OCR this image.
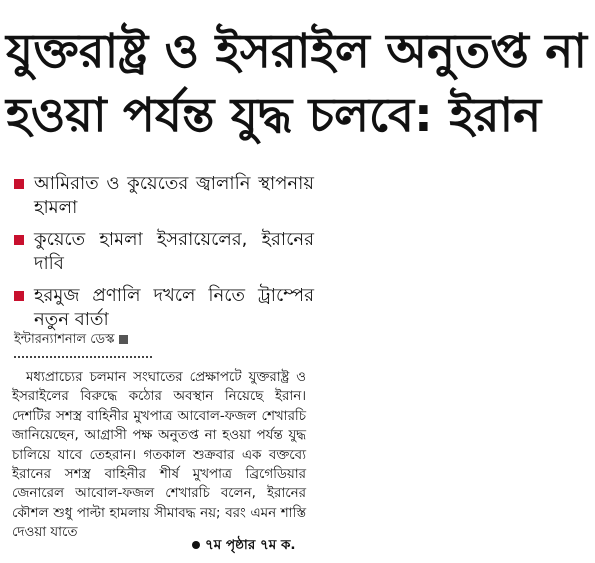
যুক্তরাষ্ট্র ও ইসরাইল অনুতপ্ত না
হওয়া পর্যন্ত যুদ্ধ চলবে: ইরান
আমিরাত ও কুয়েতের জ্বালানি স্থাপনায় হামলা
কুয়েতে হামলা ইসরায়েলের, ইরানের দাবি
হরমুজ প্রণালি দখলে নিতে ট্রাম্পের নতুন বার্তা
ইন্টারন্যাশনাল ডেস্ক
মধ্যপ্রাচ্যের চলমান সংঘাতের প্রেক্ষাপটে যুক্তরাষ্ট্র ও ইসরাইলের বিরুদ্ধে কঠোর অবস্থান নিয়েছে ইরান। দেশটির সশস্ত্র বাহিনীর মুখপাত্র আবোল-ফজল শেখারচি জানিয়েছেন, আগ্রাসী পক্ষ অনুতপ্ত না হওয়া পর্যন্ত যুদ্ধ চালিয়ে যাবে তেহরান। গতকাল শুক্রবার এক বক্তব্যে ইরানের সশস্ত্র বাহিনীর শীর্ষ মুখপাত্র ব্রিগেডিয়ার জেনারেল আবোল-ফজল শেখারচি বলেন, ইরানের কৌশল শুধু পাল্টা হামলায় সীমাবদ্ধ নয়; বরং এমন শাস্তি দেওয়া যাতে
৭ম পৃষ্ঠার ৭ম ক.
